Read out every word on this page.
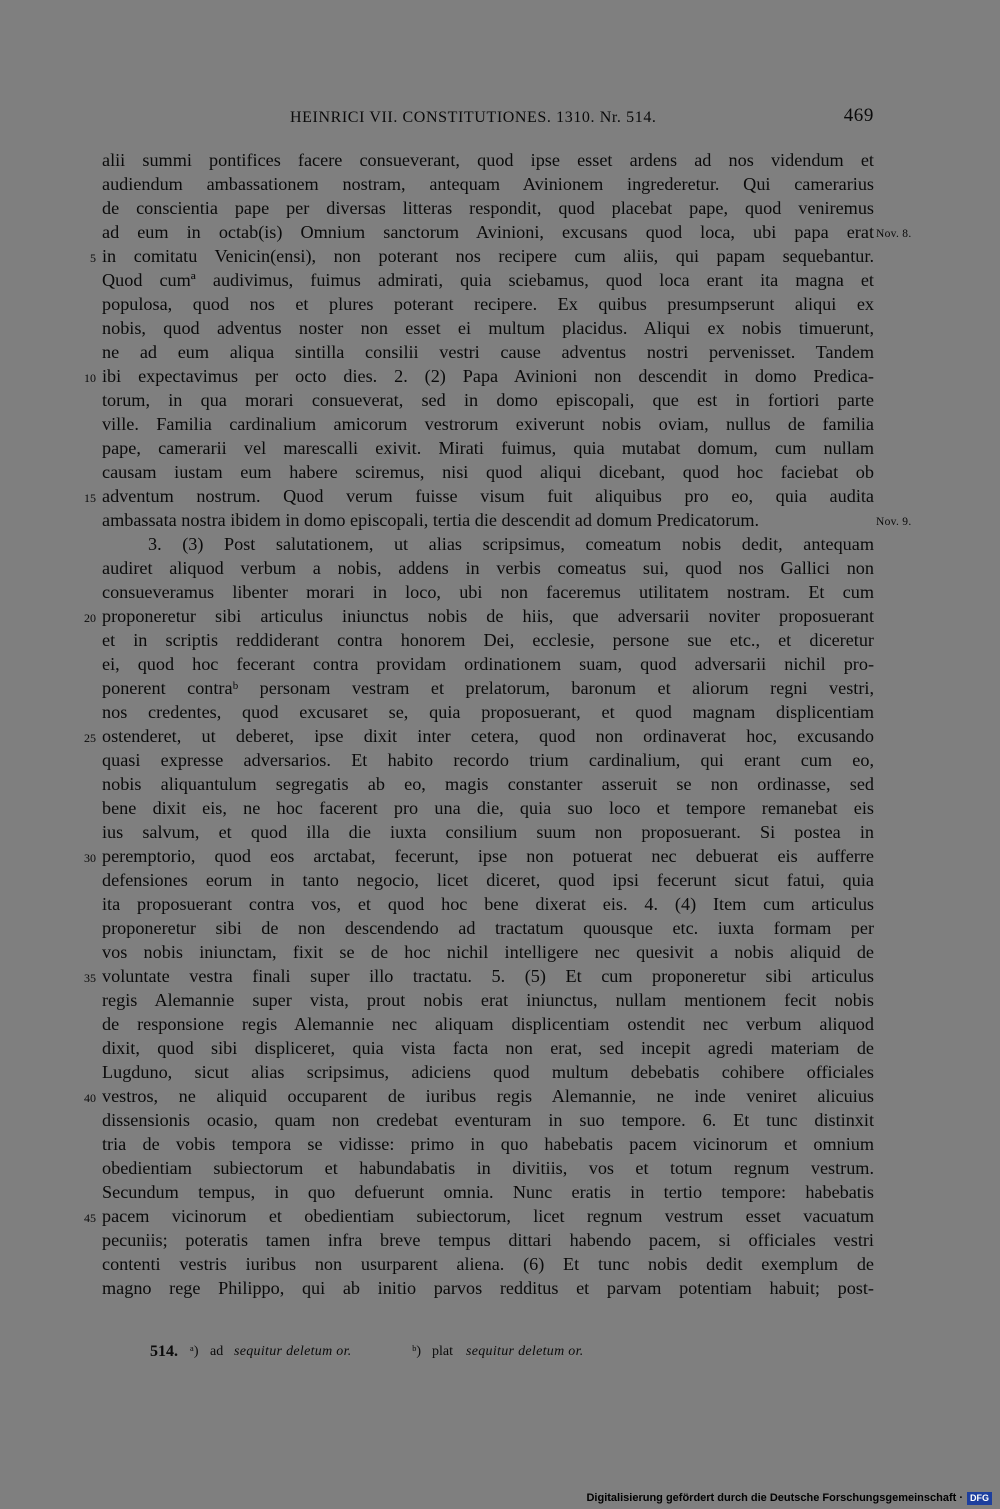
HEINRICI VII. CONSTITUTIONES. 1310. Nr. 514.	469
alii summi pontifices facere consueverant, quod ipse esset ardens ad nos videndum et
audiendum ambassationem nostram, antequam Avinionem ingrederetur. Qui camerarius
de conscientia pape per diversas litteras respondit, quod placebat pape, quod veniremus
ad eum in octab(is) Omnium sanctorum Avinioni, excusans quod loca, ubi papa erat
in comitatu Venicin(ensi), non poterant nos recipere cum aliis, qui papam sequebantur.
Quod cumª audivimus, fuimus admirati, quia sciebamus, quod loca erant ita magna et
populosa, quod nos et plures poterant recipere. Ex quibus presumpserunt aliqui ex
nobis, quod adventus noster non esset ei multum placidus. Aliqui ex nobis timuerunt,
ne ad eum aliqua sintilla consilii vestri cause adventus nostri pervenisset. Tandem
ibi expectavimus per octo dies. 2. (2) Papa Avinioni non descendit in domo Predica-
torum, in qua morari consueverat, sed in domo episcopali, que est in fortiori parte
ville. Familia cardinalium amicorum vestrorum exiverunt nobis oviam, nullus de familia
pape, camerarii vel marescalli exivit. Mirati fuimus, quia mutabat domum, cum nullam
causam iustam eum habere sciremus, nisi quod aliqui dicebant, quod hoc faciebat ob
adventum nostrum. Quod verum fuisse visum fuit aliquibus pro eo, quia audita
ambassata nostra ibidem in domo episcopali, tertia die descendit ad domum Predicatorum.
3. (3) Post salutationem, ut alias scripsimus, comeatum nobis dedit, antequam
audiret aliquod verbum a nobis, addens in verbis comeatus sui, quod nos Gallici non
consueveramus libenter morari in loco, ubi non faceremus utilitatem nostram. Et cum
proponeretur sibi articulus iniunctus nobis de hiis, que adversarii noviter proposuerant
et in scriptis reddiderant contra honorem Dei, ecclesie, persone sue etc., et diceretur
ei, quod hoc fecerant contra providam ordinationem suam, quod adversarii nichil pro-
ponerent contraᵇ personam vestram et prelatorum, baronum et aliorum regni vestri,
nos credentes, quod excusaret se, quia proposuerant, et quod magnam displicentiam
ostenderet, ut deberet, ipse dixit inter cetera, quod non ordinaverat hoc, excusando
quasi expresse adversarios. Et habito recordo trium cardinalium, qui erant cum eo,
nobis aliquantulum segregatis ab eo, magis constanter asseruit se non ordinasse, sed
bene dixit eis, ne hoc facerent pro una die, quia suo loco et tempore remanebat eis
ius salvum, et quod illa die iuxta consilium suum non proposuerant. Si postea in
peremptorio, quod eos arctabat, fecerunt, ipse non potuerat nec debuerat eis aufferre
defensiones eorum in tanto negocio, licet diceret, quod ipsi fecerunt sicut fatui, quia
ita proposuerant contra vos, et quod hoc bene dixerat eis. 4. (4) Item cum articulus
proponeretur sibi de non descendendo ad tractatum quousque etc. iuxta formam per
vos nobis iniunctam, fixit se de hoc nichil intelligere nec quesivit a nobis aliquid de
voluntate vestra finali super illo tractatu. 5. (5) Et cum proponeretur sibi articulus
regis Alemannie super vista, prout nobis erat iniunctus, nullam mentionem fecit nobis
de responsione regis Alemannie nec aliquam displicentiam ostendit nec verbum aliquod
dixit, quod sibi displiceret, quia vista facta non erat, sed incepit agredi materiam de
Lugduno, sicut alias scripsimus, adiciens quod multum debebatis cohibere officiales
vestros, ne aliquid occuparent de iuribus regis Alemannie, ne inde veniret alicuius
dissensionis ocasio, quam non credebat eventuram in suo tempore. 6. Et tunc distinxit
tria de vobis tempora se vidisse: primo in quo habebatis pacem vicinorum et omnium
obedientiam subiectorum et habundabatis in divitiis, vos et totum regnum vestrum.
Secundum tempus, in quo defuerunt omnia. Nunc eratis in tertio tempore: habebatis
pacem vicinorum et obedientiam subiectorum, licet regnum vestrum esset vacuatum
pecuniis; poteratis tamen infra breve tempus dittari habendo pacem, si officiales vestri
contenti vestris iuribus non usurparent aliena. (6) Et tunc nobis dedit exemplum de
magno rege Philippo, qui ab initio parvos redditus et parvam potentiam habuit; post-
5
10
15
20
25
30
35
40
45
Nov. 8.
Nov. 9.
514. ᵃ) ad sequitur deletum or.	ᵇ) plat sequitur deletum or.
Digitalisierung gefördert durch die Deutsche Forschungsgemeinschaft · DFG
